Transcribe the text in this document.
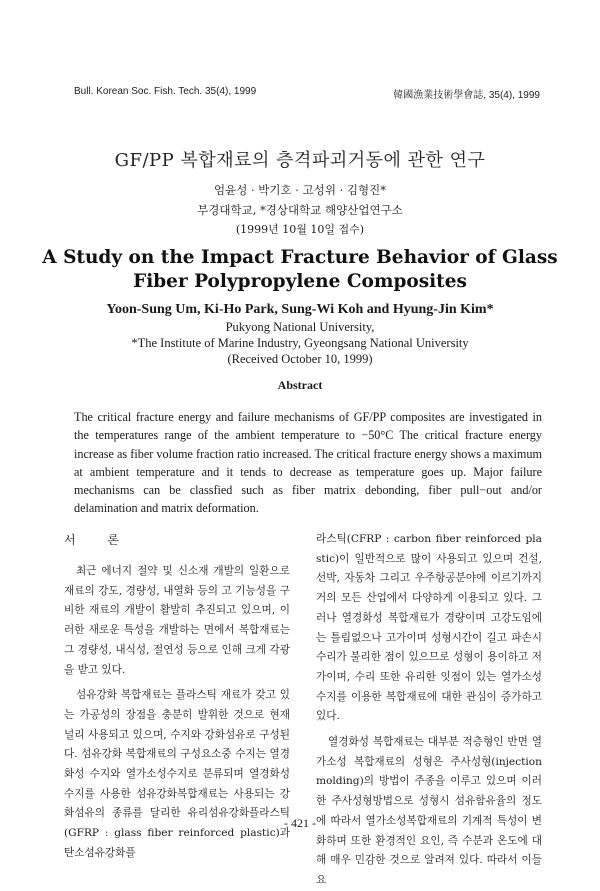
Bull. Korean Soc. Fish. Tech. 35(4), 1999	韓國漁業技術學會誌, 35(4), 1999
GF/PP 복합재료의 층격파괴거동에 관한 연구
엄윤성 · 박기호 · 고성위 · 김형진*
부경대학교, *경상대학교 해양산업연구소
(1999년 10월 10일 접수)
A Study on the Impact Fracture Behavior of Glass
Fiber Polypropylene Composites
Yoon-Sung Um, Ki-Ho Park, Sung-Wi Koh and Hyung-Jin Kim*
Pukyong National University,
*The Institute of Marine Industry, Gyeongsang National University
(Received October 10, 1999)
Abstract

The critical fracture energy and failure mechanisms of GF/PP composites are investigated in the temperatures range of the ambient temperature to −50°C The critical fracture energy increase as fiber volume fraction ratio increased. The critical fracture energy shows a maximum at ambient temperature and it tends to decrease as temperature goes up. Major failure mechanisms can be classfied such as fiber matrix debonding, fiber pull−out and/or delamination and matrix deformation.

서 론

최근 에너지 절약 및 신소재 개발의 일환으로 재료의 강도, 경량성, 내열화 등의 고 기능성을 구비한 재료의 개발이 활발히 추진되고 있으며, 이러한 새로운 특성을 개발하는 면에서 복합재료는 그 경량성, 내식성, 절연성 등으로 인해 크게 각광을 받고 있다.

섬유강화 복합재료는 플라스틱 재료가 갖고 있는 가공성의 장점을 충분히 발휘한 것으로 현재 널리 사용되고 있으며, 수지와 강화섬유로 구성된다. 섬유강화 복합재료의 구성요소중 수지는 열경화성 수지와 열가소성수지로 분류되며 열경화성수지를 사용한 섬유강화복합재료는 사용되는 강화섬유의 종류를 달리한 유리섬유강화플라스틱(GFRP : glass fiber reinforced plastic)과 탄소섬유강화플

라스틱(CFRP : carbon fiber reinforced plastic)이 일반적으로 많이 사용되고 있으며 건설, 선박, 자동차 그리고 우주항공분야에 이르기까지 거의 모든 산업에서 다양하게 이용되고 있다. 그러나 열경화성 복합재료가 경량이며 고강도임에는 틀림없으나 고가이며 성형시간이 길고 파손시 수리가 불리한 점이 있으므로 성형이 용이하고 저가이며, 수리 또한 유리한 잇점이 있는 열가소성수지를 이용한 복합재료에 대한 관심이 증가하고 있다.

열경화성 복합재료는 대부분 적층형인 반면 열가소성 복합재료의 성형은 주사성형(injection molding)의 방법이 주종을 이루고 있으며 이러한 주사성형방법으로 성형시 섬유함유율의 정도에 따라서 열가소성복합재료의 기계적 특성이 변화하며 또한 환경적인 요인, 즉 수분과 온도에 대해 매우 민감한 것으로 알려져 있다. 따라서 이들 요

- 421 -
